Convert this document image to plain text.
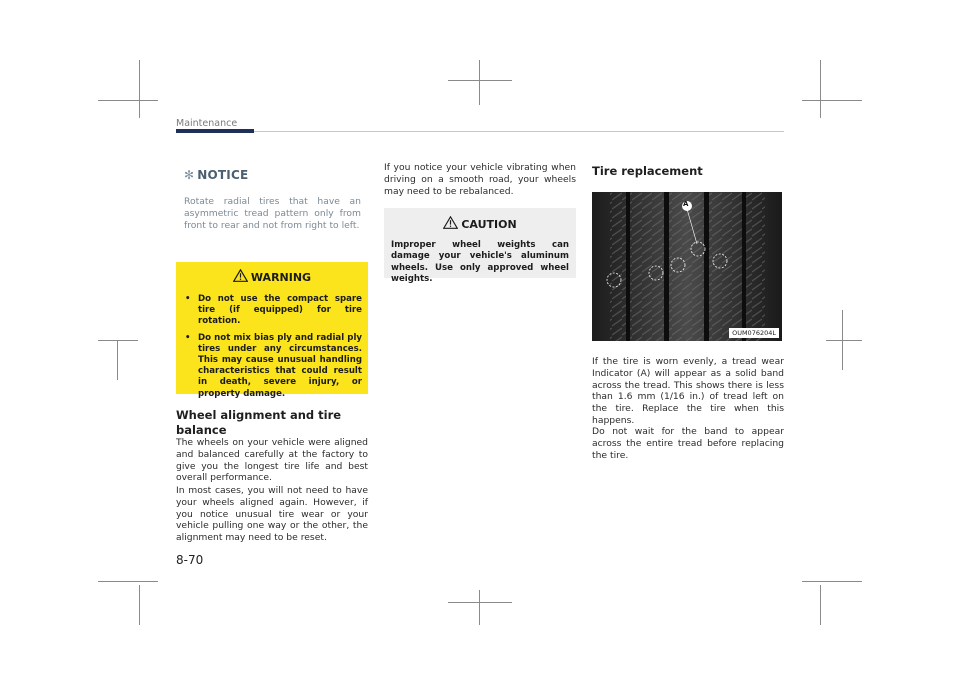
Maintenance
✻ NOTICE
Rotate radial tires that have an asymmetric tread pattern only from front to rear and not from right to left.
WARNING
• Do not use the compact spare tire (if equipped) for tire rotation.
• Do not mix bias ply and radial ply tires under any circumstances. This may cause unusual handling characteristics that could result in death, severe injury, or property damage.
Wheel alignment and tire
balance
The wheels on your vehicle were aligned and balanced carefully at the factory to give you the longest tire life and best overall performance.
In most cases, you will not need to have your wheels aligned again. However, if you notice unusual tire wear or your vehicle pulling one way or the other, the alignment may need to be reset.
If you notice your vehicle vibrating when driving on a smooth road, your wheels may need to be rebalanced.
CAUTION
Improper wheel weights can damage your vehicle's aluminum wheels. Use only approved wheel weights.
Tire replacement
A
OUM076204L
If the tire is worn evenly, a tread wear Indicator (A) will appear as a solid band across the tread. This shows there is less than 1.6 mm (1/16 in.) of tread left on the tire. Replace the tire when this happens.
Do not wait for the band to appear across the entire tread before replacing the tire.
8-70
